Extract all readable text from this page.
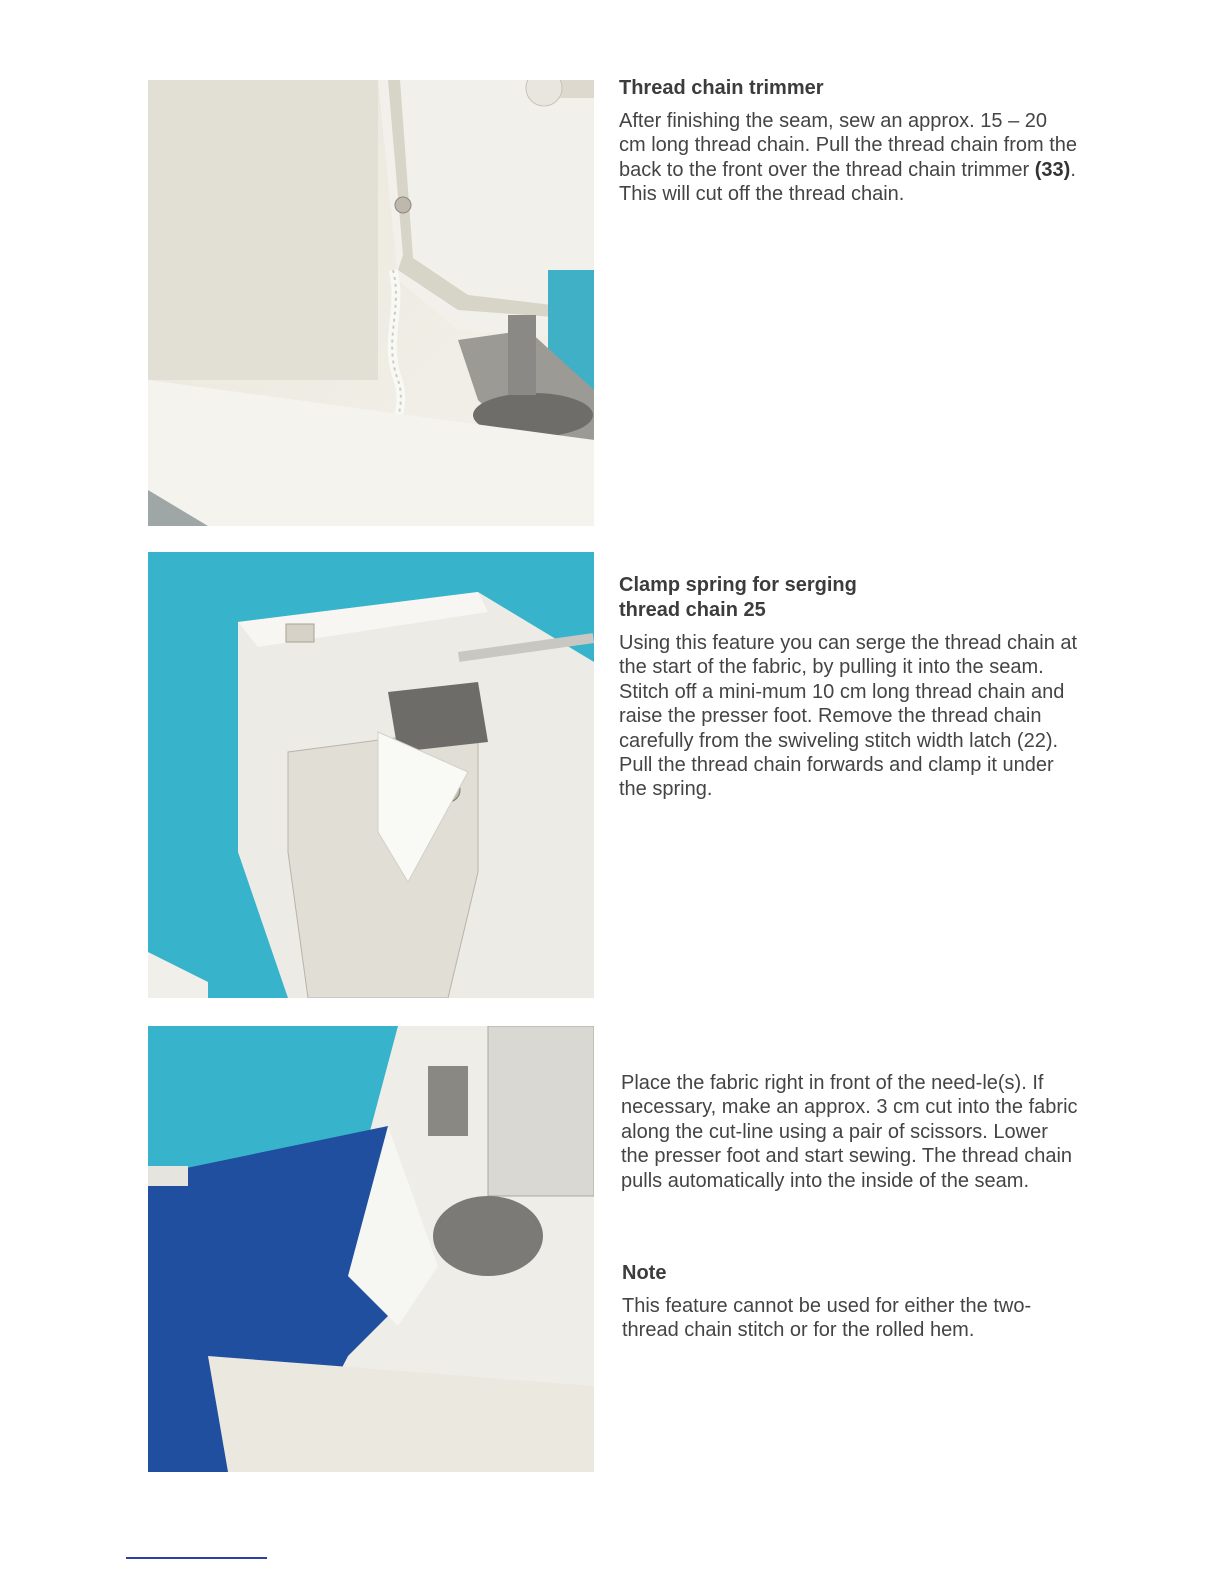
Thread chain trimmer

After finishing the seam, sew an approx. 15 – 20 cm long thread chain. Pull the thread chain from the back to the front over the thread chain trimmer (33). This will cut off the thread chain.

Clamp spring for serging thread chain 25

Using this feature you can serge the thread chain at the start of the fabric, by pulling it into the seam. Stitch off a mini-mum 10 cm long thread chain and raise the presser foot. Remove the thread chain carefully from the swiveling stitch width latch (22). Pull the thread chain forwards and clamp it under the spring.

Place the fabric right in front of the need-le(s). If necessary, make an approx. 3 cm cut into the fabric along the cut-line using a pair of scissors. Lower the presser foot and start sewing. The thread chain pulls automatically into the inside of the seam.

Note

This feature cannot be used for either the two-thread chain stitch or for the rolled hem.
